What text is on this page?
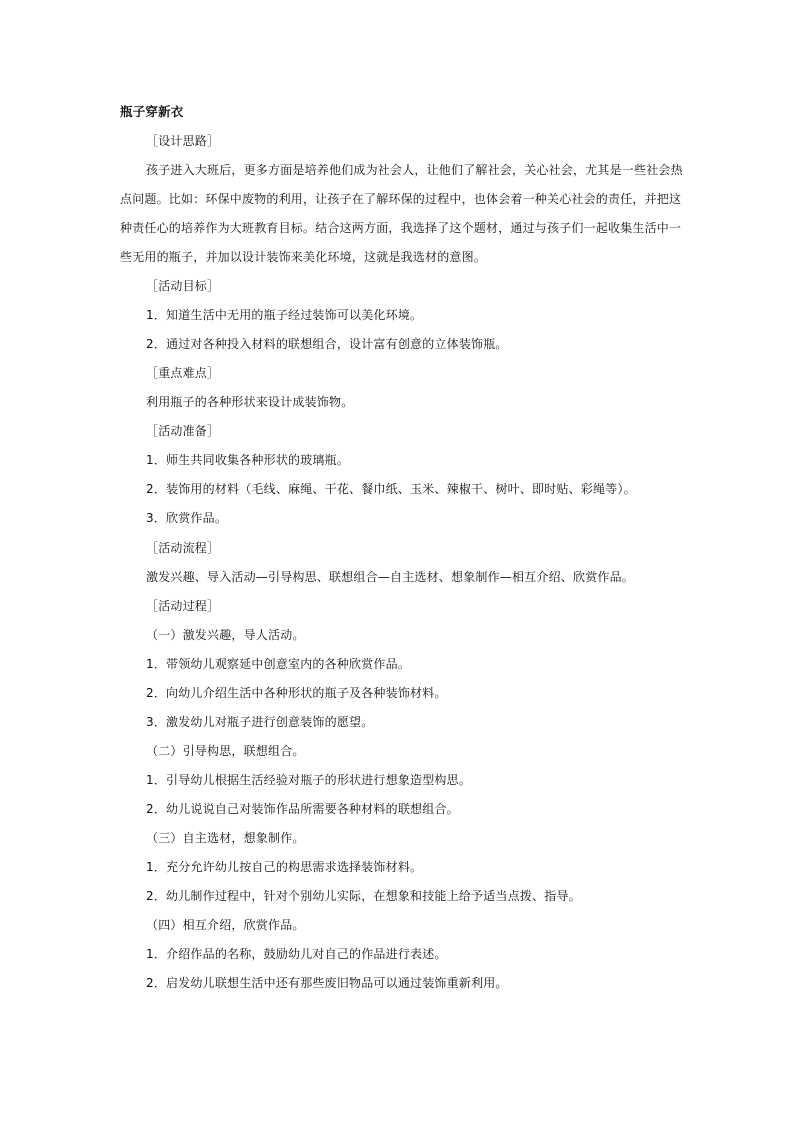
瓶子穿新衣
［设计思路］
孩子进入大班后，更多方面是培养他们成为社会人，让他们了解社会，关心社会，尤其是一些社会热
点问题。比如：环保中废物的利用，让孩子在了解环保的过程中，也体会着一种关心社会的责任，并把这
种责任心的培养作为大班教育目标。结合这两方面，我选择了这个题材，通过与孩子们一起收集生活中一
些无用的瓶子，并加以设计装饰来美化环境，这就是我选材的意图。
［活动目标］
1．知道生活中无用的瓶子经过装饰可以美化环境。
2．通过对各种投入材料的联想组合，设计富有创意的立体装饰瓶。
［重点难点］
利用瓶子的各种形状来设计成装饰物。
［活动准备］
1．师生共同收集各种形状的玻璃瓶。
2．装饰用的材料（毛线、麻绳、干花、餐巾纸、玉米、辣椒干、树叶、即时贴、彩绳等）。
3．欣赏作品。
［活动流程］
激发兴趣、导入活动—引导构思、联想组合—自主选材、想象制作—相互介绍、欣赏作品。
［活动过程］
（一）激发兴趣，导人活动。
1．带领幼儿观察延中创意室内的各种欣赏作品。
2．向幼儿介绍生活中各种形状的瓶子及各种装饰材料。
3．激发幼儿对瓶子进行创意装饰的愿望。
（二）引导构思，联想组合。
1．引导幼儿根据生活经验对瓶子的形状进行想象造型构思。
2．幼儿说说自己对装饰作品所需要各种材料的联想组合。
（三）自主选材，想象制作。
1．充分允许幼儿按自己的构思需求选择装饰材料。
2．幼儿制作过程中，针对个别幼儿实际，在想象和技能上给予适当点拨、指导。
（四）相互介绍，欣赏作品。
1．介绍作品的名称，鼓励幼儿对自己的作品进行表述。
2．启发幼儿联想生活中还有那些废旧物品可以通过装饰重新利用。
